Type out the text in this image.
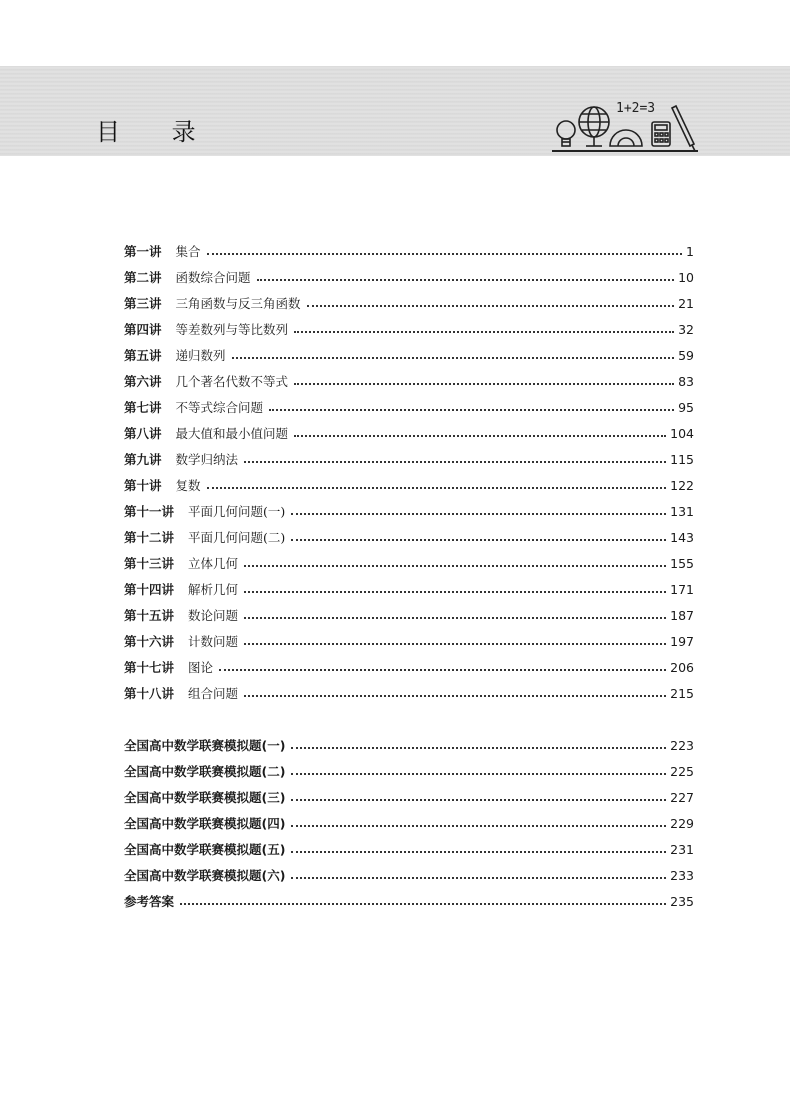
目 录
1+2=3
第一讲 集合	1
第二讲 函数综合问题	10
第三讲 三角函数与反三角函数	21
第四讲 等差数列与等比数列	32
第五讲 递归数列	59
第六讲 几个著名代数不等式	83
第七讲 不等式综合问题	95
第八讲 最大值和最小值问题	104
第九讲 数学归纳法	115
第十讲 复数	122
第十一讲 平面几何问题(一)	131
第十二讲 平面几何问题(二)	143
第十三讲 立体几何	155
第十四讲 解析几何	171
第十五讲 数论问题	187
第十六讲 计数问题	197
第十七讲 图论	206
第十八讲 组合问题	215
全国高中数学联赛模拟题(一)	223
全国高中数学联赛模拟题(二)	225
全国高中数学联赛模拟题(三)	227
全国高中数学联赛模拟题(四)	229
全国高中数学联赛模拟题(五)	231
全国高中数学联赛模拟题(六)	233
参考答案	235
